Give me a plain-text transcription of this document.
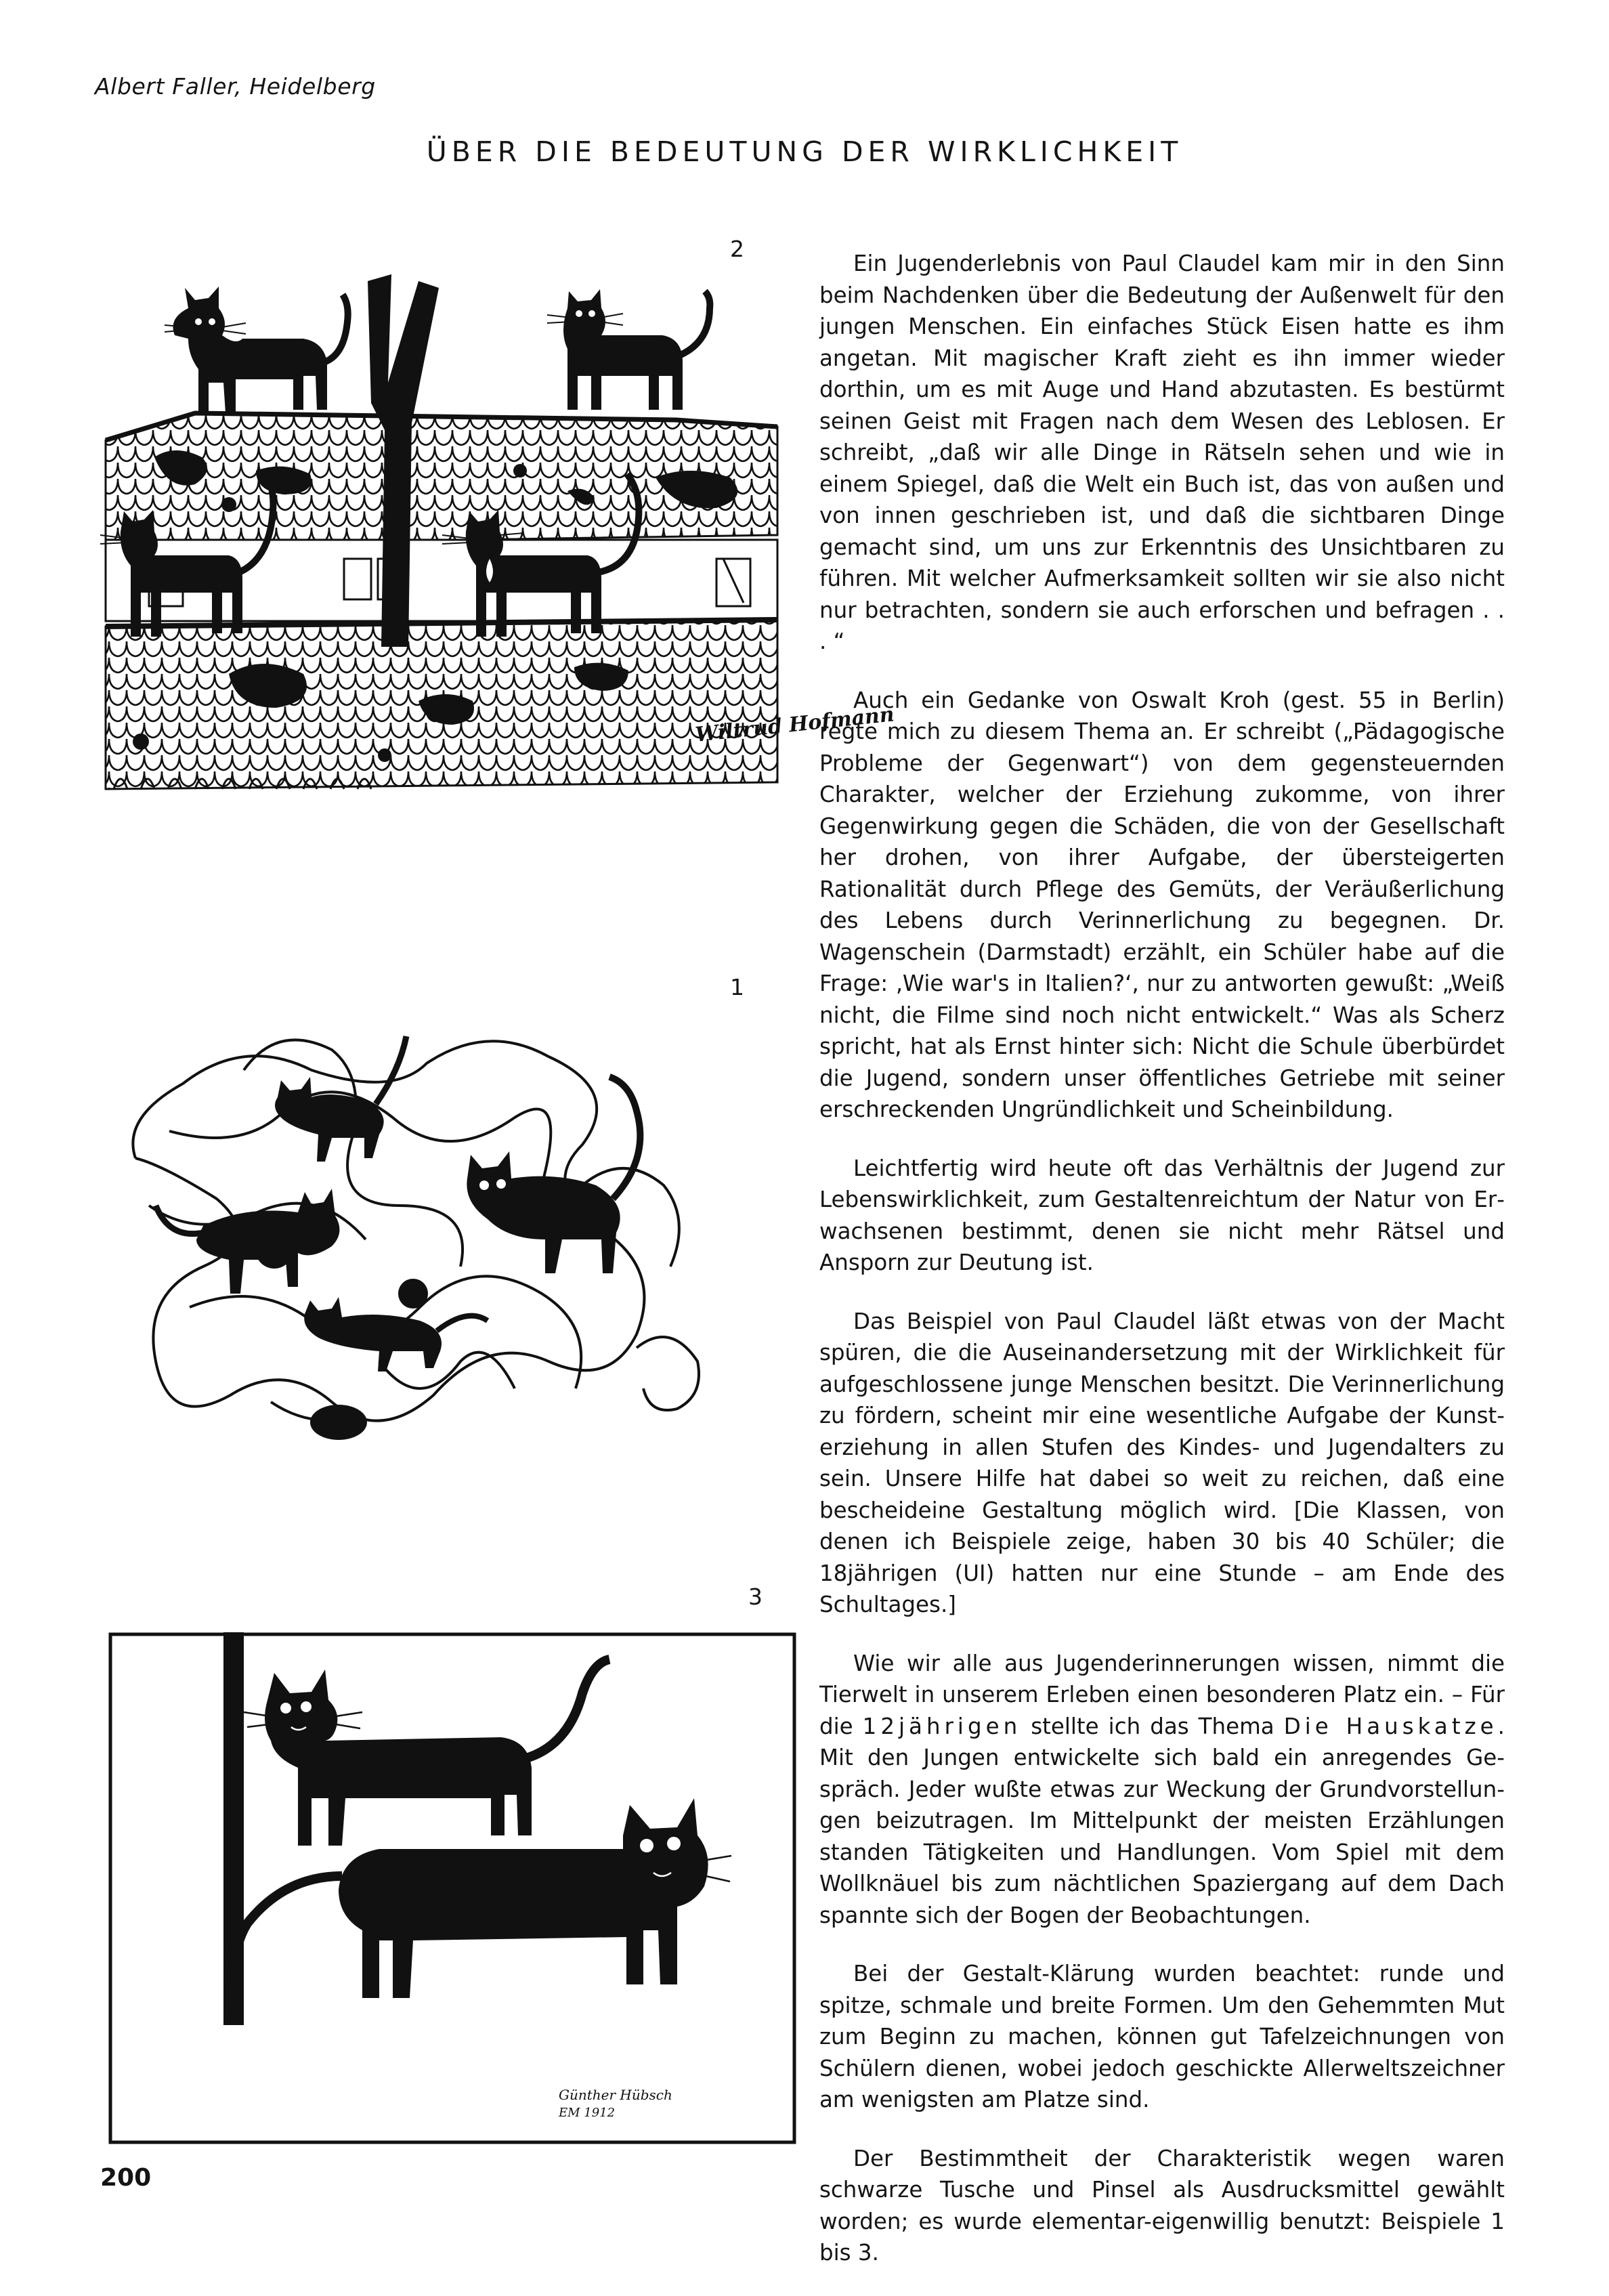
Albert Faller, Heidelberg
ÜBER DIE BEDEUTUNG DER WIRKLICHKEIT
2
1
3
Wiltrud Hofmann
Günther Hübsch
EM 1912

Ein Jugenderlebnis von Paul Claudel kam mir in den Sinn beim Nachdenken über die Bedeutung der Außenwelt für den jungen Menschen. Ein einfaches Stück Eisen hatte es ihm angetan. Mit magischer Kraft zieht es ihn immer wieder dorthin, um es mit Auge und Hand abzutasten. Es bestürmt seinen Geist mit Fragen nach dem Wesen des Leblosen. Er schreibt, „daß wir alle Dinge in Rätseln sehen und wie in einem Spiegel, daß die Welt ein Buch ist, das von außen und von innen geschrieben ist, und daß die sichtbaren Dinge gemacht sind, um uns zur Erkenntnis des Unsichtbaren zu führen. Mit welcher Aufmerksamkeit sollten wir sie also nicht nur betrachten, sondern sie auch erforschen und befragen . . . “

Auch ein Gedanke von Oswalt Kroh (gest. 55 in Berlin) regte mich zu diesem Thema an. Er schreibt („Pädagogische Probleme der Gegenwart“) von dem gegensteuernden Charakter, welcher der Erziehung zukomme, von ihrer Gegenwirkung gegen die Schäden, die von der Gesellschaft her drohen, von ihrer Aufgabe, der übersteigerten Rationalität durch Pflege des Gemüts, der Veräußerlichung des Lebens durch Verinnerlichung zu begegnen. Dr. Wagenschein (Darmstadt) erzählt, ein Schüler habe auf die Frage: ‚Wie war's in Italien?‘, nur zu antworten gewußt: „Weiß nicht, die Filme sind noch nicht entwickelt.“ Was als Scherz spricht, hat als Ernst hinter sich: Nicht die Schule überbürdet die Jugend, sondern unser öffentliches Getriebe mit seiner erschreckenden Ungründlichkeit und Scheinbildung.

Leichtfertig wird heute oft das Verhältnis der Jugend zur Lebenswirklichkeit, zum Gestaltenreichtum der Natur von Erwachsenen bestimmt, denen sie nicht mehr Rätsel und Ansporn zur Deutung ist.

Das Beispiel von Paul Claudel läßt etwas von der Macht spüren, die die Auseinandersetzung mit der Wirklichkeit für aufgeschlossene junge Menschen besitzt. Die Verinnerlichung zu fördern, scheint mir eine wesentliche Aufgabe der Kunsterziehung in allen Stufen des Kindes- und Jugendalters zu sein. Unsere Hilfe hat dabei so weit zu reichen, daß eine bescheideine Gestaltung möglich wird. [Die Klassen, von denen ich Beispiele zeige, haben 30 bis 40 Schüler; die 18jährigen (UI) hatten nur eine Stunde – am Ende des Schultages.]

Wie wir alle aus Jugenderinnerungen wissen, nimmt die Tierwelt in unserem Erleben einen besonderen Platz ein. – Für die 12jährigen stellte ich das Thema Die Hauskatze. Mit den Jungen entwickelte sich bald ein anregendes Gespräch. Jeder wußte etwas zur Weckung der Grundvorstellungen beizutragen. Im Mittelpunkt der meisten Erzählungen standen Tätigkeiten und Handlungen. Vom Spiel mit dem Wollknäuel bis zum nächtlichen Spaziergang auf dem Dach spannte sich der Bogen der Beobachtungen.

Bei der Gestalt-Klärung wurden beachtet: runde und spitze, schmale und breite Formen. Um den Gehemmten Mut zum Beginn zu machen, können gut Tafelzeichnungen von Schülern dienen, wobei jedoch geschickte Allerweltszeichner am wenigsten am Platze sind.

Der Bestimmtheit der Charakteristik wegen waren schwarze Tusche und Pinsel als Ausdrucksmittel gewählt worden; es wurde elementar-eigenwillig benutzt: Beispiele 1 bis 3.

200
